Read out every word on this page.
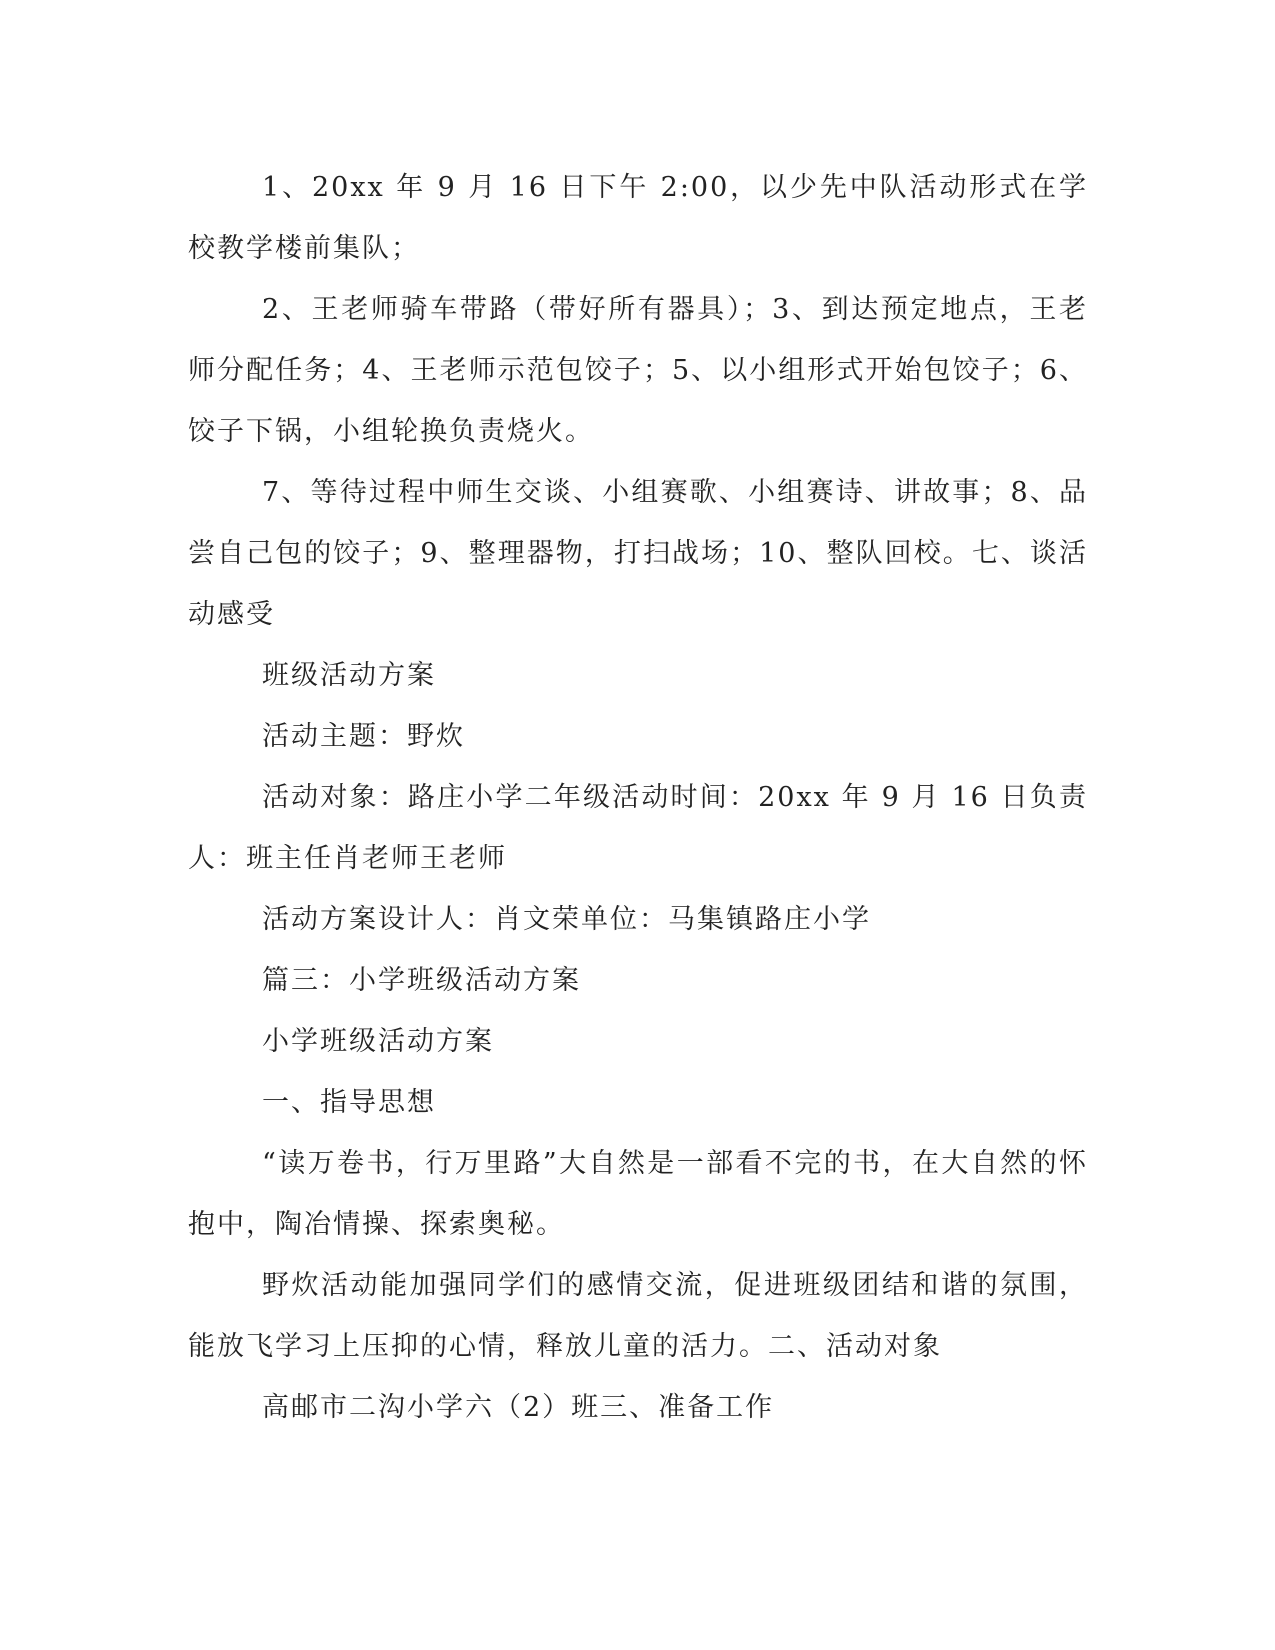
1、20xx 年 9 月 16 日下午 2:00，以少先中队活动形式在学校教学楼前集队；

2、王老师骑车带路（带好所有器具）；3、到达预定地点，王老师分配任务；4、王老师示范包饺子；5、以小组形式开始包饺子；6、饺子下锅，小组轮换负责烧火。

7、等待过程中师生交谈、小组赛歌、小组赛诗、讲故事；8、品尝自己包的饺子；9、整理器物，打扫战场；10、整队回校。七、谈活动感受

班级活动方案

活动主题：野炊

活动对象：路庄小学二年级活动时间：20xx 年 9 月 16 日负责人：班主任肖老师王老师

活动方案设计人：肖文荣单位：马集镇路庄小学

篇三：小学班级活动方案

小学班级活动方案

一、指导思想

“读万卷书，行万里路”大自然是一部看不完的书，在大自然的怀抱中，陶冶情操、探索奥秘。

野炊活动能加强同学们的感情交流，促进班级团结和谐的氛围，能放飞学习上压抑的心情，释放儿童的活力。二、活动对象

高邮市二沟小学六（2）班三、准备工作
